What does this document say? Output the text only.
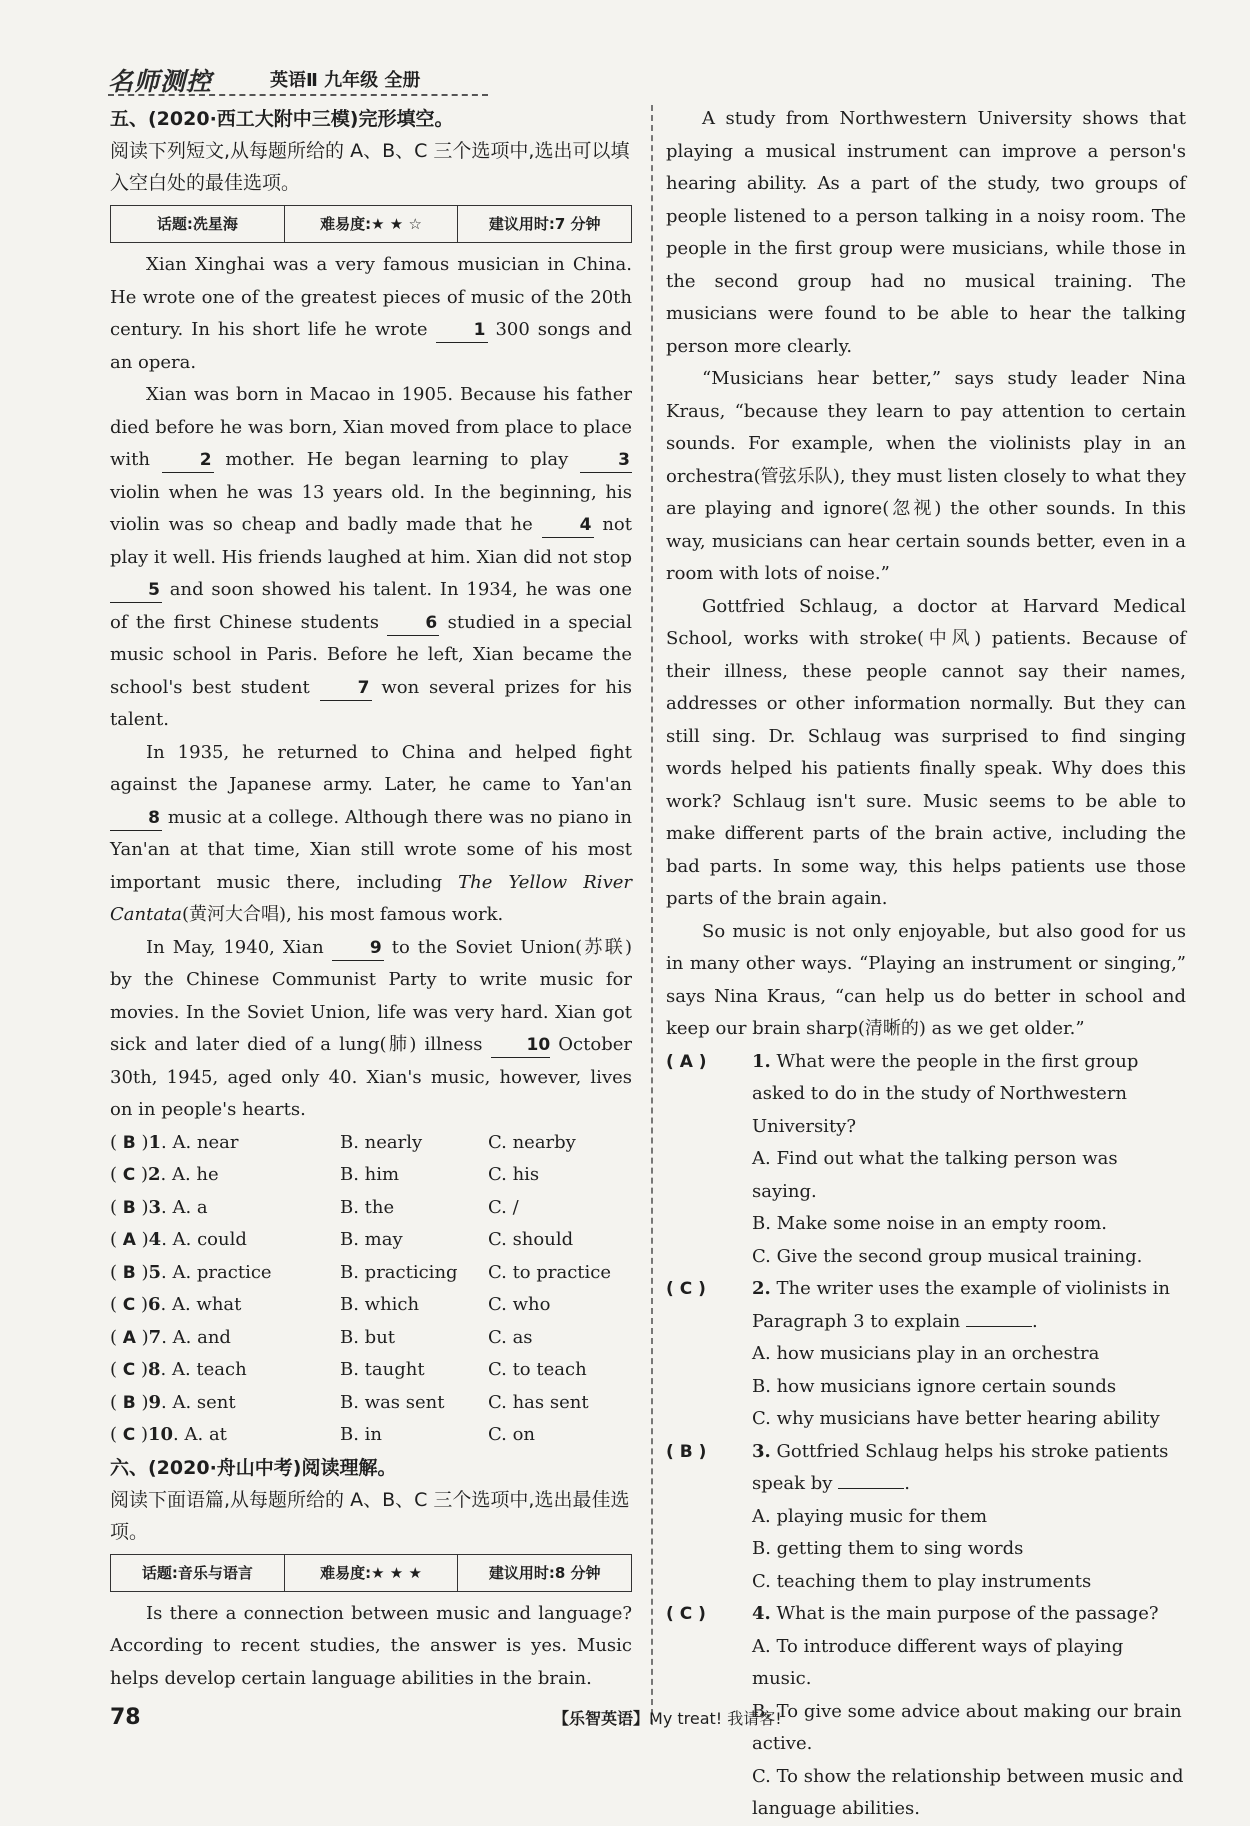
名师测控	英语Ⅱ 九年级 全册
五、(2020·西工大附中三模)完形填空。
阅读下列短文,从每题所给的 A、B、C 三个选项中,选出可以填入空白处的最佳选项。
话题:冼星海	难易度:★ ★ ☆	建议用时:7 分钟

Xian Xinghai was a very famous musician in China. He wrote one of the greatest pieces of music of the 20th century. In his short life he wrote 1 300 songs and an opera.

Xian was born in Macao in 1905. Because his father died before he was born, Xian moved from place to place with 2 mother. He began learning to play 3 violin when he was 13 years old. In the beginning, his violin was so cheap and badly made that he 4 not play it well. His friends laughed at him. Xian did not stop 5 and soon showed his talent. In 1934, he was one of the first Chinese students 6 studied in a special music school in Paris. Before he left, Xian became the school's best student 7 won several prizes for his talent.

In 1935, he returned to China and helped fight against the Japanese army. Later, he came to Yan'an 8 music at a college. Although there was no piano in Yan'an at that time, Xian still wrote some of his most important music there, including The Yellow River Cantata(黄河大合唱), his most famous work.

In May, 1940, Xian 9 to the Soviet Union(苏联) by the Chinese Communist Party to write music for movies. In the Soviet Union, life was very hard. Xian got sick and later died of a lung(肺) illness 10 October 30th, 1945, aged only 40. Xian's music, however, lives on in people's hearts.

( B )1. A. near	B. nearly	C. nearby
( C )2. A. he	B. him	C. his
( B )3. A. a	B. the	C. /
( A )4. A. could	B. may	C. should
( B )5. A. practice	B. practicing	C. to practice
( C )6. A. what	B. which	C. who
( A )7. A. and	B. but	C. as
( C )8. A. teach	B. taught	C. to teach
( B )9. A. sent	B. was sent	C. has sent
( C )10. A. at	B. in	C. on
六、(2020·舟山中考)阅读理解。
阅读下面语篇,从每题所给的 A、B、C 三个选项中,选出最佳选项。
话题:音乐与语言	难易度:★ ★ ★	建议用时:8 分钟

Is there a connection between music and language? According to recent studies, the answer is yes. Music helps develop certain language abilities in the brain.

A study from Northwestern University shows that playing a musical instrument can improve a person's hearing ability. As a part of the study, two groups of people listened to a person talking in a noisy room. The people in the first group were musicians, while those in the second group had no musical training. The musicians were found to be able to hear the talking person more clearly.

“Musicians hear better,” says study leader Nina Kraus, “because they learn to pay attention to certain sounds. For example, when the violinists play in an orchestra(管弦乐队), they must listen closely to what they are playing and ignore(忽视) the other sounds. In this way, musicians can hear certain sounds better, even in a room with lots of noise.”

Gottfried Schlaug, a doctor at Harvard Medical School, works with stroke(中风) patients. Because of their illness, these people cannot say their names, addresses or other information normally. But they can still sing. Dr. Schlaug was surprised to find singing words helped his patients finally speak. Why does this work? Schlaug isn't sure. Music seems to be able to make different parts of the brain active, including the bad parts. In some way, this helps patients use those parts of the brain again.

So music is not only enjoyable, but also good for us in many other ways. “Playing an instrument or singing,” says Nina Kraus, “can help us do better in school and keep our brain sharp(清晰的) as we get older.”

( A )	1. What were the people in the first group asked to do in the study of Northwestern University?
A. Find out what the talking person was saying.
B. Make some noise in an empty room.
C. Give the second group musical training.
( C )	2. The writer uses the example of violinists in Paragraph 3 to explain	.
A. how musicians play in an orchestra
B. how musicians ignore certain sounds
C. why musicians have better hearing ability
( B )	3. Gottfried Schlaug helps his stroke patients speak by	.
A. playing music for them
B. getting them to sing words
C. teaching them to play instruments
( C )	4. What is the main purpose of the passage?
A. To introduce different ways of playing music.
B. To give some advice about making our brain active.
C. To show the relationship between music and language abilities.
78	【乐智英语】My treat! 我请客!
